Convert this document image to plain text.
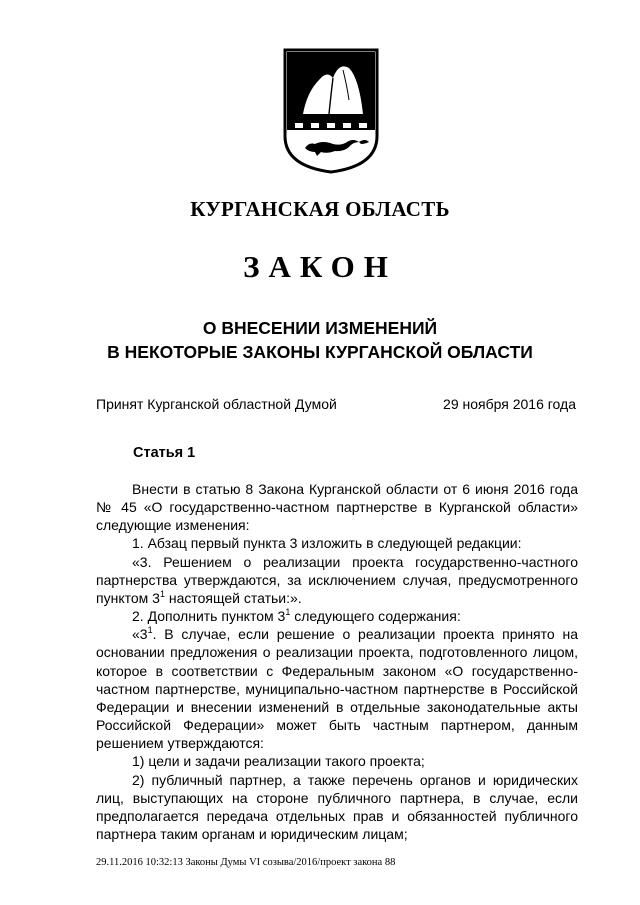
КУРГАНСКАЯ ОБЛАСТЬ
ЗАКОН
О ВНЕСЕНИИ ИЗМЕНЕНИЙ
В НЕКОТОРЫЕ ЗАКОНЫ КУРГАНСКОЙ ОБЛАСТИ
Принят Курганской областной Думой	29 ноября 2016 года
Статья 1

Внести в статью 8 Закона Курганской области от 6 июня 2016 года № 45 «О государственно-частном партнерстве в Курганской области» следующие изменения:

1. Абзац первый пункта 3 изложить в следующей редакции:

«3. Решением о реализации проекта государственно-частного партнерства утверждаются, за исключением случая, предусмотренного пунктом $3^1$ настоящей статьи:».

2. Дополнить пунктом $3^1$ следующего содержания:

«$3^1$. В случае, если решение о реализации проекта принято на основании предложения о реализации проекта, подготовленного лицом, которое в соответствии с Федеральным законом «О государственно-частном партнерстве, муниципально-частном партнерстве в Российской Федерации и внесении изменений в отдельные законодательные акты Российской Федерации» может быть частным партнером, данным решением утверждаются:

1) цели и задачи реализации такого проекта;

2) публичный партнер, а также перечень органов и юридических лиц, выступающих на стороне публичного партнера, в случае, если предполагается передача отдельных прав и обязанностей публичного партнера таким органам и юридическим лицам;

29.11.2016 10:32:13 Законы Думы VI созыва/2016/проект закона 88
